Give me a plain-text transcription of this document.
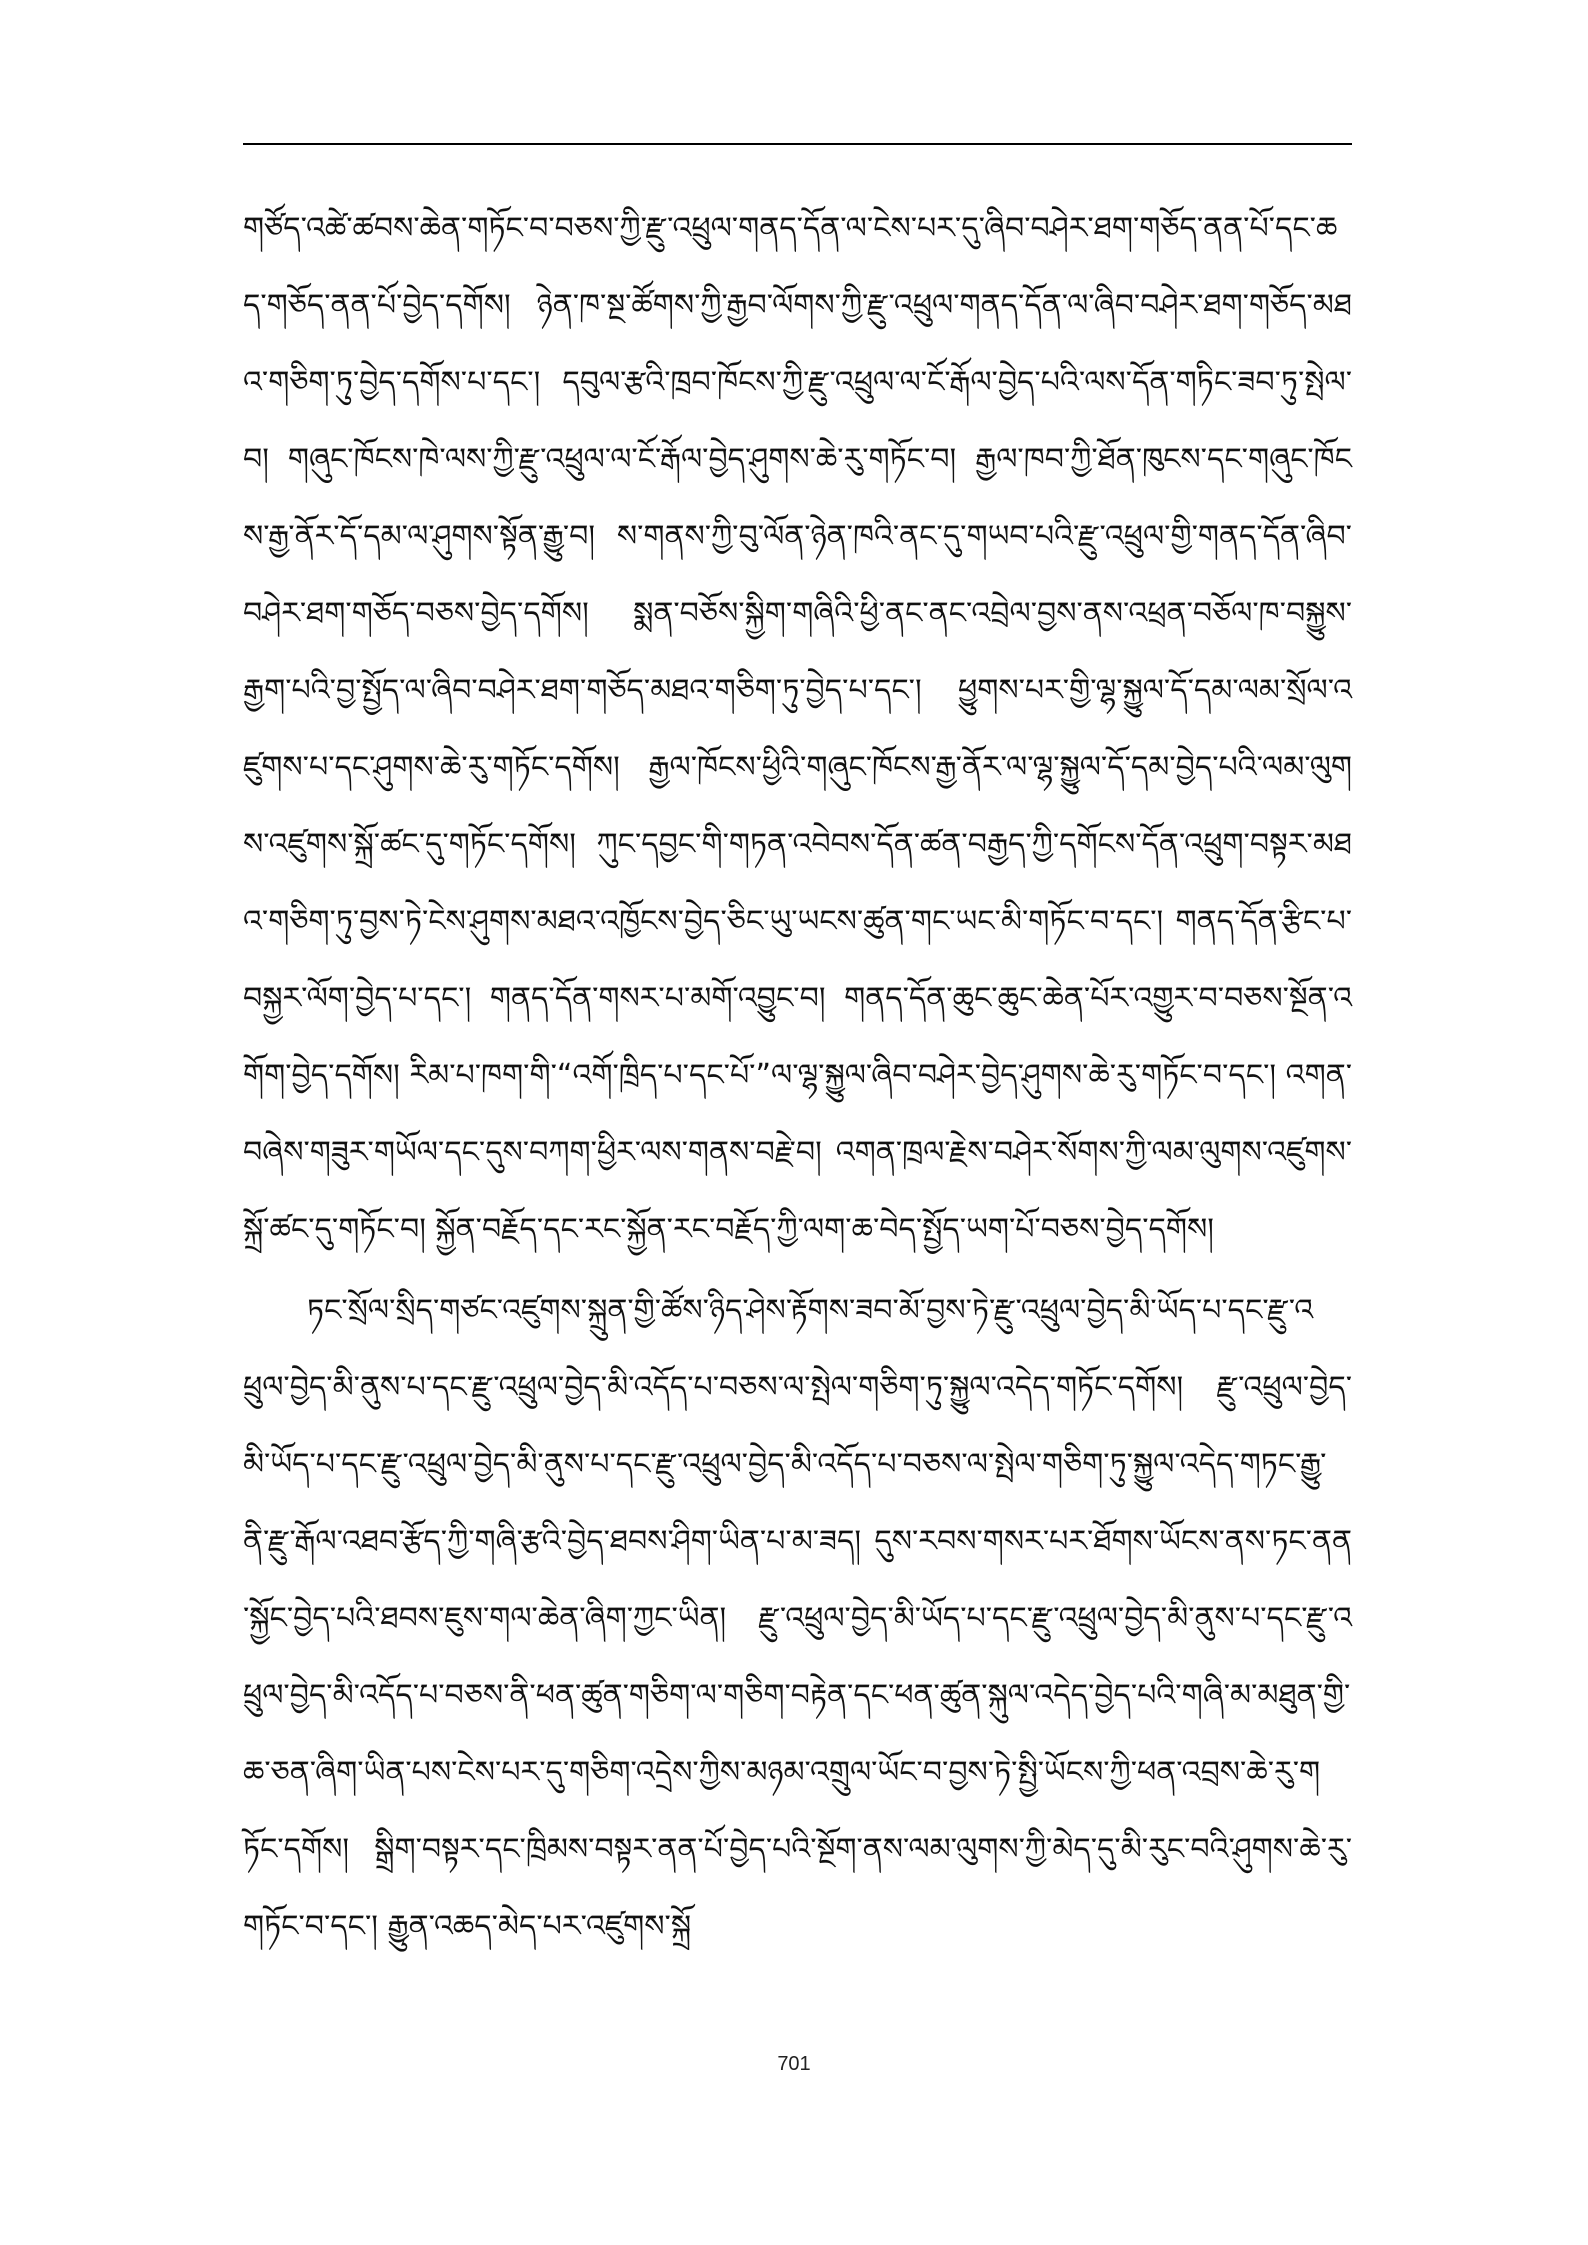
གཙོད་འཚེ་ཚབས་ཆེན་གཏོང་བ་བཅས་ཀྱི་རྫུ་འཕྲུལ་གནད་དོན་ལ་ངེས་པར་དུ་ཞིབ་བཤེར་ཐག་གཅོད་ནན་པོ་དང་ཆད་གཅོད་ནན་པོ་བྱེད་དགོས། ཉེན་ཁ་སྔ་ཚོགས་ཀྱི་རྒྱབ་ལོགས་ཀྱི་རྫུ་འཕྲུལ་གནད་དོན་ལ་ཞིབ་བཤེར་ཐག་གཅོད་མཐའ་གཅིག་ཏུ་བྱེད་དགོས་པ་དང་། དབུལ་རྩའི་ཁྲབ་ཁོངས་ཀྱི་རྫུ་འཕྲུལ་ལ་ངོ་རྒོལ་བྱེད་པའི་ལས་དོན་གཏིང་ཟབ་ཏུ་སྤེལ་བ། གཞུང་ཁོངས་ཁེ་ལས་ཀྱི་རྫུ་འཕྲུལ་ལ་ངོ་རྒོལ་བྱེད་ཤུགས་ཆེ་རུ་གཏོང་བ། རྒྱལ་ཁབ་ཀྱི་ཐོན་ཁུངས་དང་གཞུང་ཁོངས་རྒྱ་ནོར་དོ་དམ་ལ་ཤུགས་སྟོན་རྒྱུ་བ། ས་གནས་ཀྱི་བུ་ལོན་ཉེན་ཁའི་ནང་དུ་གཡབ་པའི་རྫུ་འཕྲུལ་གྱི་གནད་དོན་ཞིབ་བཤེར་ཐག་གཅོད་བཅས་བྱེད་དགོས། སྨན་བཅོས་སྐྱིག་གཞིའི་ཕྱི་ནང་ནང་འབྲེལ་བྱས་ནས་འཕྲན་བཅོལ་ཁ་བསྐྱུས་རྒྱག་པའི་བྱ་སྤྱོད་ལ་ཞིབ་བཤེར་ཐག་གཅོད་མཐའ་གཅིག་ཏུ་བྱེད་པ་དང་། ཕྱུགས་པར་གྱི་ལྷ་སྐྱུལ་དོ་དམ་ལམ་སྲོལ་འཛུགས་པ་དང་ཤུགས་ཆེ་རུ་གཏོང་དགོས། རྒྱལ་ཁོངས་ཕྱིའི་གཞུང་ཁོངས་རྒྱ་ནོར་ལ་ལྷ་སྐྱུལ་དོ་དམ་བྱེད་པའི་ལམ་ལུགས་འཛུགས་སྐྲོ་ཚང་དུ་གཏོང་དགོས། ཀུང་དབྱང་གི་གཏན་འབེབས་དོན་ཚན་བརྒྱད་ཀྱི་དགོངས་དོན་འཕྲུག་བསྟར་མཐའ་གཅིག་ཏུ་བྱས་ཏེ་ངེས་ཤུགས་མཐའ་འཁྱོངས་བྱེད་ཅིང་ཡུ་ཡངས་ཚུན་གང་ཡང་མི་གཏོང་བ་དང་། གནད་དོན་རྩིང་པ་བསྐྱར་ལོག་བྱེད་པ་དང་། གནད་དོན་གསར་པ་མགོ་འབྱུང་བ། གནད་དོན་ཆུང་ཆུང་ཆེན་པོར་འགྱུར་བ་བཅས་སྔོན་འགོག་བྱེད་དགོས། རིམ་པ་ཁག་གི་“འགོ་ཁྲིད་པ་དང་པོ་”ལ་ལྷ་སྐྱུལ་ཞིབ་བཤེར་བྱེད་ཤུགས་ཆེ་རུ་གཏོང་བ་དང་། འགན་བཞེས་གཟུར་གཡོལ་དང་དུས་བཀག་ཕྱིར་ལས་གནས་བརྗེ་བ། འགན་ཁྲལ་རྗེས་བཤེར་སོགས་ཀྱི་ལམ་ལུགས་འཛུགས་སྐྲོ་ཚང་དུ་གཏོང་བ། སྐྱོན་བརྗོད་དང་རང་སྐྱོན་རང་བརྗོད་ཀྱི་ལག་ཆ་བེད་སྤྱོད་ཡག་པོ་བཅས་བྱེད་དགོས།

ཏང་སྲོལ་སྲིད་གཙང་འཛུགས་སྐྲུན་གྱི་ཚོས་ཉིད་ཤེས་རྟོགས་ཟབ་མོ་བྱས་ཏེ་རྫུ་འཕྲུལ་བྱེད་མི་ཡོད་པ་དང་རྫུ་འཕྲུལ་བྱེད་མི་ནུས་པ་དང་རྫུ་འཕྲུལ་བྱེད་མི་འདོད་པ་བཅས་ལ་སྤེལ་གཅིག་ཏུ་སྐྱུལ་འདེད་གཏོང་དགོས། རྫུ་འཕྲུལ་བྱེད་མི་ཡོད་པ་དང་རྫུ་འཕྲུལ་བྱེད་མི་ནུས་པ་དང་རྫུ་འཕྲུལ་བྱེད་མི་འདོད་པ་བཅས་ལ་སྤེལ་གཅིག་ཏུ་སྐྱུལ་འདེད་གཏང་རྒྱུ་ནི་རྫུ་རྒོལ་འཐབ་རྩོད་ཀྱི་གཞི་རྩའི་བྱེད་ཐབས་ཤིག་ཡིན་པ་མ་ཟད། དུས་རབས་གསར་པར་ཐོགས་ཡོངས་ནས་ཏང་ནན་སྐྱོང་བྱེད་པའི་ཐབས་ཇུས་གལ་ཆེན་ཞིག་ཀྱང་ཡིན། རྫུ་འཕྲུལ་བྱེད་མི་ཡོད་པ་དང་རྫུ་འཕྲུལ་བྱེད་མི་ནུས་པ་དང་རྫུ་འཕྲུལ་བྱེད་མི་འདོད་པ་བཅས་ནི་ཕན་ཚུན་གཅིག་ལ་གཅིག་བརྟེན་དང་ཕན་ཚུན་སྐུལ་འདེད་བྱེད་པའི་གཞི་མ་མཐུན་གྱི་ཆ་ཅན་ཞིག་ཡིན་པས་ངེས་པར་དུ་གཅིག་འདྲེས་ཀྱིས་མཉམ་འགྲུལ་ཡོང་བ་བྱས་ཏེ་སྤྱི་ཡོངས་ཀྱི་ཕན་འབྲས་ཆེ་རུ་གཏོང་དགོས། སྒྲིག་བསྟར་དང་ཁྲིམས་བསྟར་ནན་པོ་བྱེད་པའི་སྔོག་ནས་ལམ་ལུགས་ཀྱི་མེད་དུ་མི་རུང་བའི་ཤུགས་ཆེ་རུ་གཏོང་བ་དང་། རྒྱུན་འཆད་མེད་པར་འཛུགས་སྐྲོ

701
